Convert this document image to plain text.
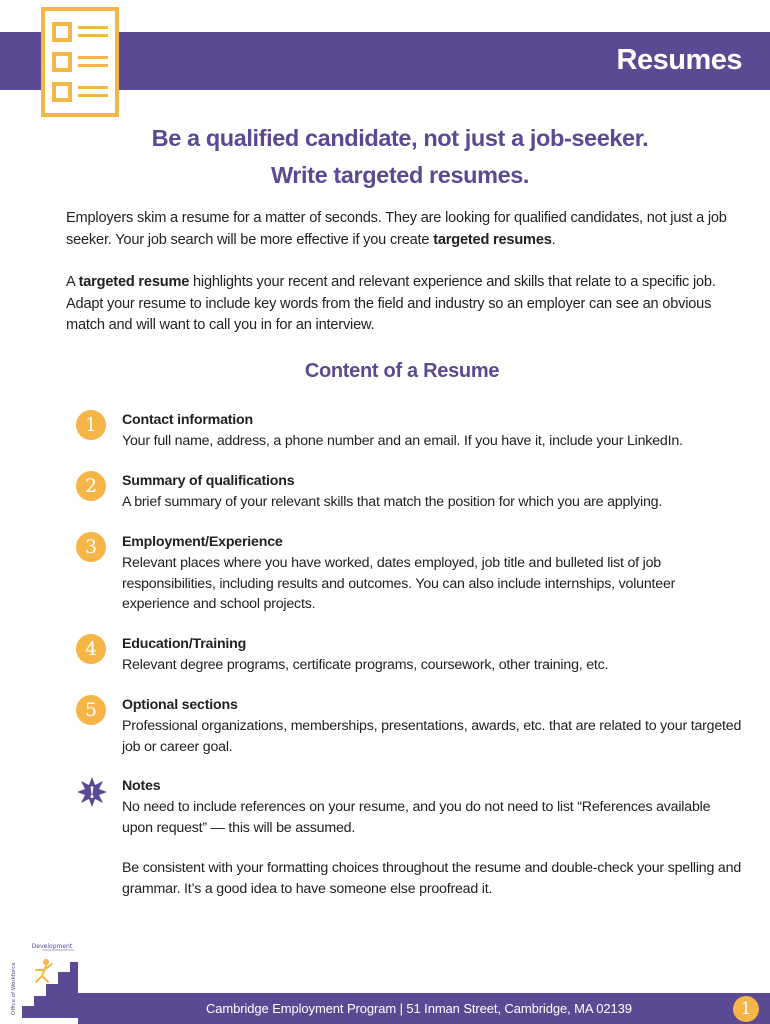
Resumes
Be a qualified candidate, not just a job-seeker.
Write targeted resumes.

Employers skim a resume for a matter of seconds. They are looking for qualified candidates, not just a job seeker. Your job search will be more effective if you create targeted resumes.

A targeted resume highlights your recent and relevant experience and skills that relate to a specific job. Adapt your resume to include key words from the field and industry so an employer can see an obvious match and will want to call you in for an interview.

Content of a Resume
1	Contact information
Your full name, address, a phone number and an email. If you have it, include your LinkedIn.
2	Summary of qualifications
A brief summary of your relevant skills that match the position for which you are applying.
3	Employment/Experience
Relevant places where you have worked, dates employed, job title and bulleted list of job responsibilities, including results and outcomes. You can also include internships, volunteer experience and school projects.
4	Education/Training
Relevant degree programs, certificate programs, coursework, other training, etc.
5	Optional sections
Professional organizations, memberships, presentations, awards, etc. that are related to your targeted job or career goal.
! Notes
No need to include references on your resume, and you do not need to list “References available upon request” — this will be assumed.
Be consistent with your formatting choices throughout the resume and double-check your spelling and grammar. It’s a good idea to have someone else proofread it.
Development
Office of Workforce	Cambridge Employment Program | 51 Inman Street, Cambridge, MA 02139	1
